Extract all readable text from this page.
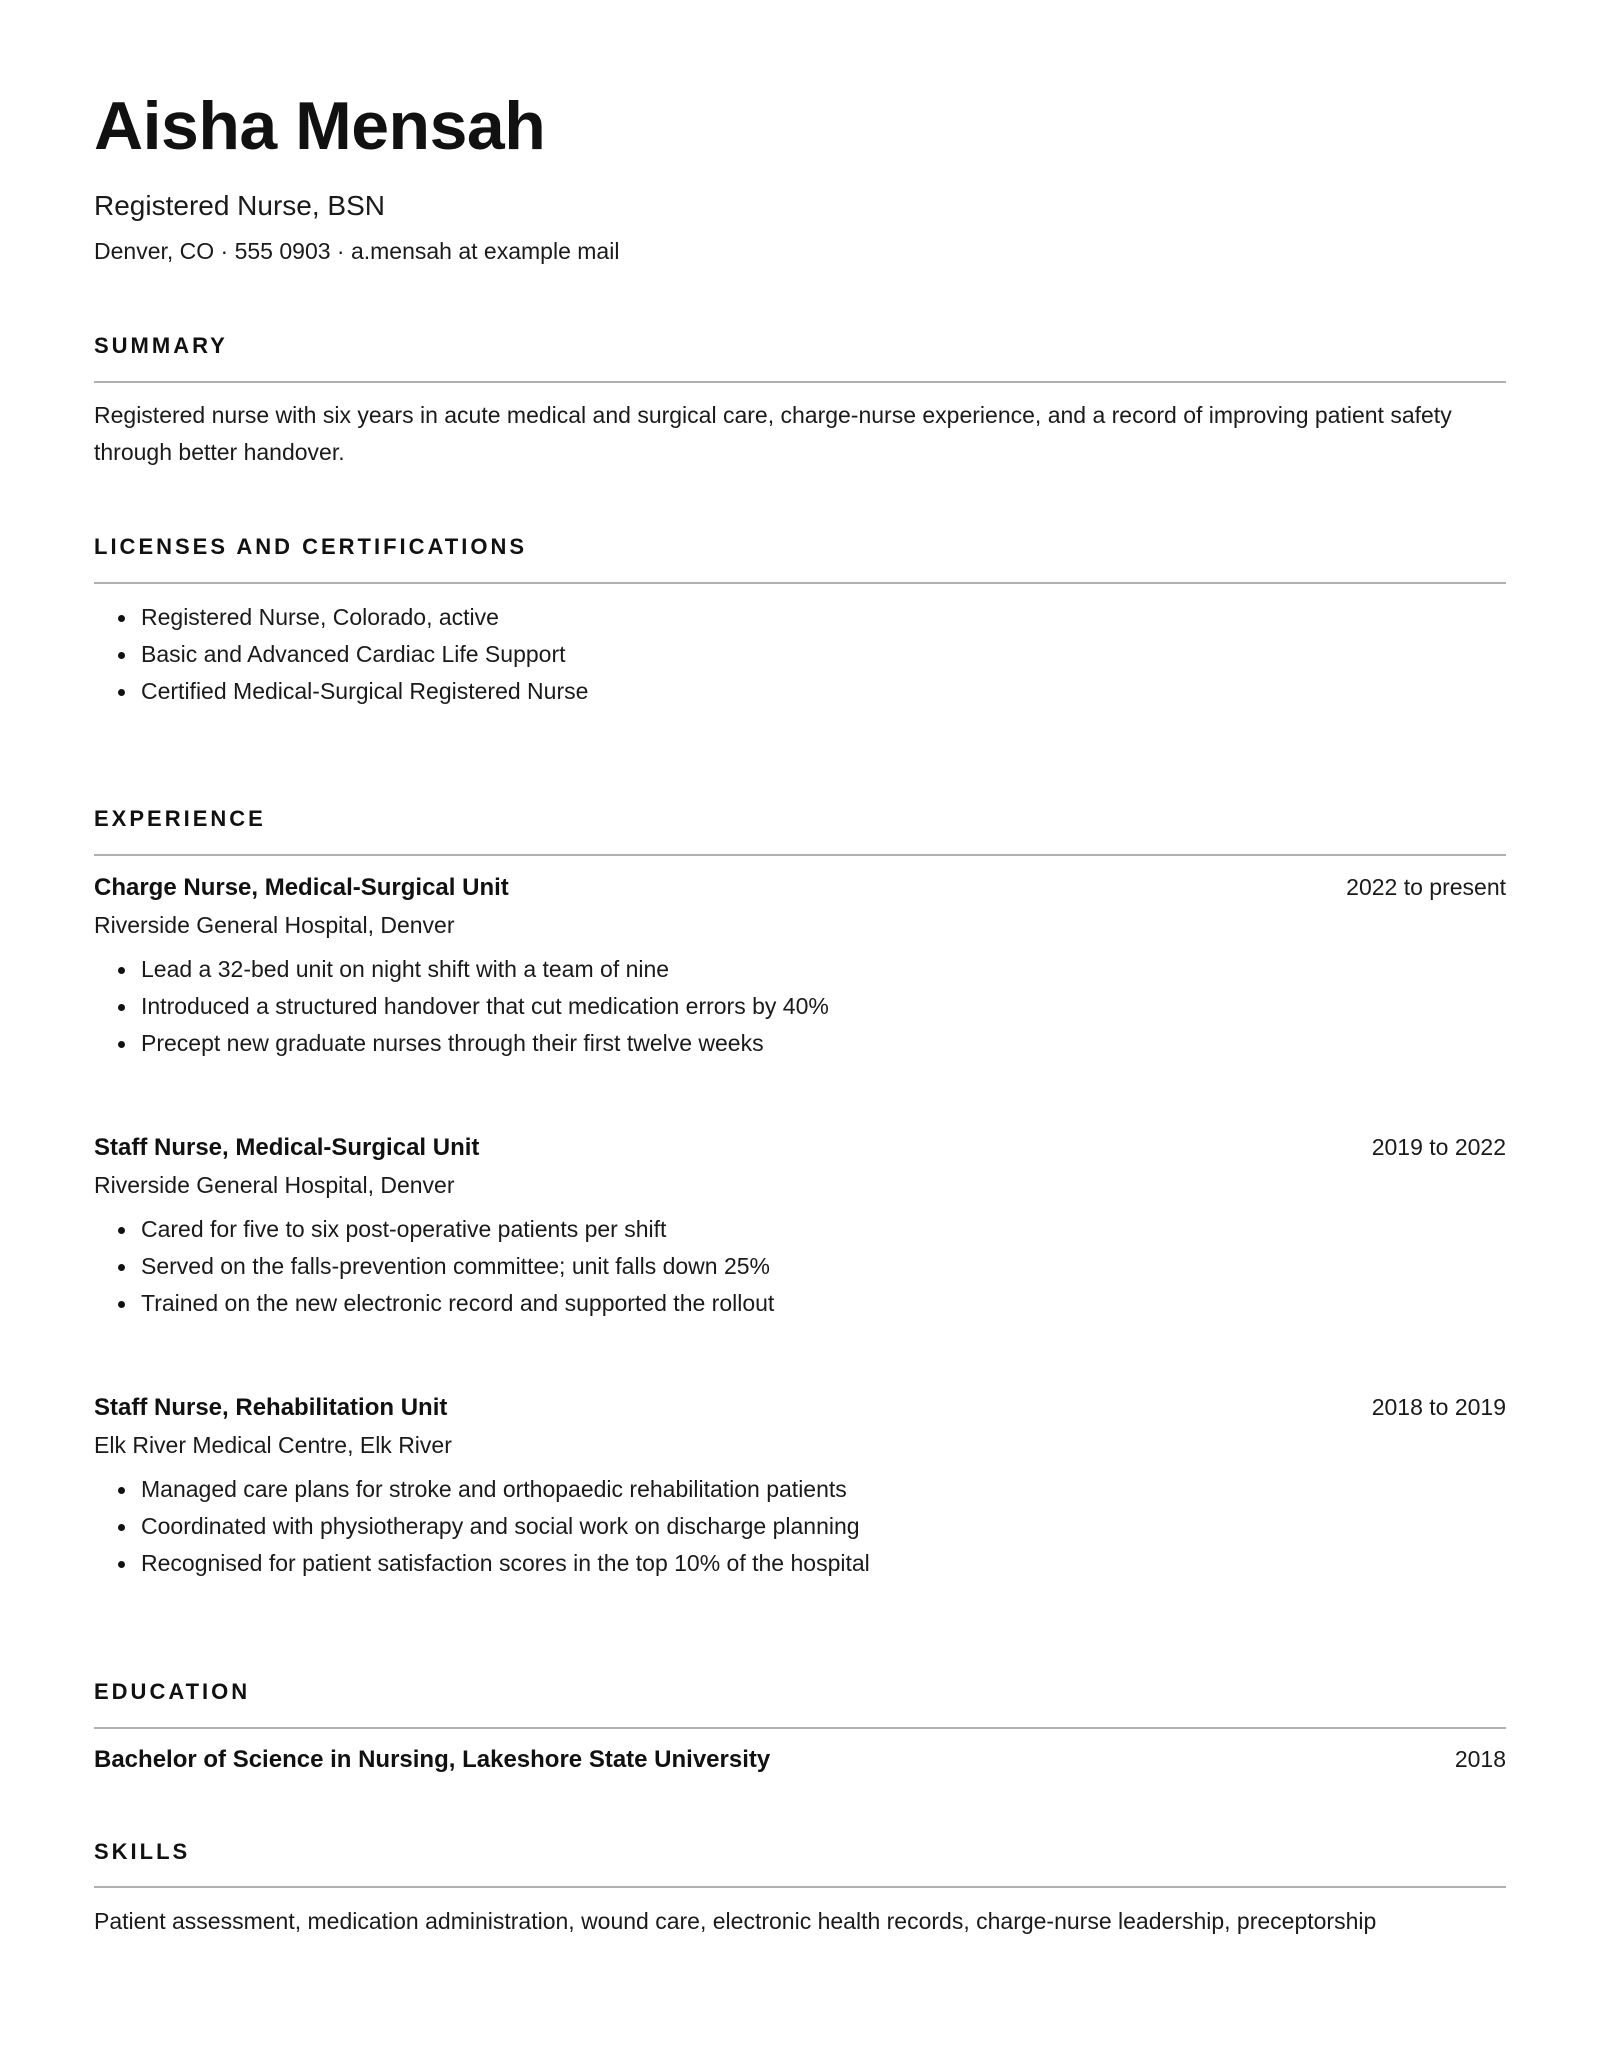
Aisha Mensah
Registered Nurse, BSN
Denver, CO · 555 0903 · a.mensah at example mail
SUMMARY

Registered nurse with six years in acute medical and surgical care, charge-nurse experience, and a record of improving patient safety through better handover.

LICENSES AND CERTIFICATIONS
Registered Nurse, Colorado, active
Basic and Advanced Cardiac Life Support
Certified Medical-Surgical Registered Nurse
EXPERIENCE
Charge Nurse, Medical-Surgical Unit	2022 to present
Riverside General Hospital, Denver
Lead a 32-bed unit on night shift with a team of nine
Introduced a structured handover that cut medication errors by 40%
Precept new graduate nurses through their first twelve weeks
Staff Nurse, Medical-Surgical Unit	2019 to 2022
Riverside General Hospital, Denver
Cared for five to six post-operative patients per shift
Served on the falls-prevention committee; unit falls down 25%
Trained on the new electronic record and supported the rollout
Staff Nurse, Rehabilitation Unit	2018 to 2019
Elk River Medical Centre, Elk River
Managed care plans for stroke and orthopaedic rehabilitation patients
Coordinated with physiotherapy and social work on discharge planning
Recognised for patient satisfaction scores in the top 10% of the hospital
EDUCATION
Bachelor of Science in Nursing, Lakeshore State University	2018
SKILLS

Patient assessment, medication administration, wound care, electronic health records, charge-nurse leadership, preceptorship
